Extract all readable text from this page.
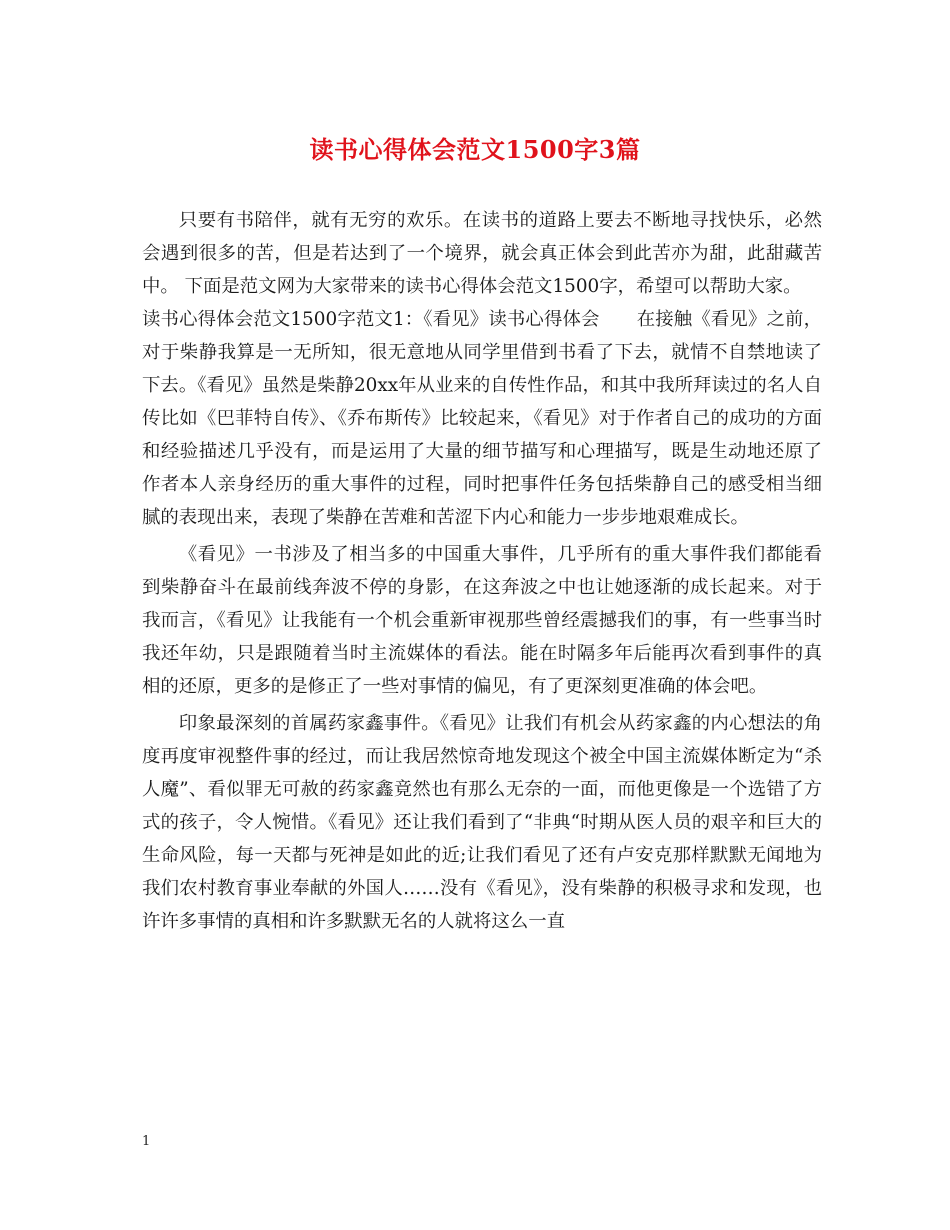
读书心得体会范文1500字3篇

只要有书陪伴，就有无穷的欢乐。在读书的道路上要去不断地寻找快乐，必然会遇到很多的苦，但是若达到了一个境界，就会真正体会到此苦亦为甜，此甜藏苦中。 下面是范文网为大家带来的读书心得体会范文1500字，希望可以帮助大家。

读书心得体会范文1500字范文1：《看见》读书心得体会　　在接触《看见》之前，对于柴静我算是一无所知，很无意地从同学里借到书看了下去，就情不自禁地读了下去。《看见》虽然是柴静20xx年从业来的自传性作品，和其中我所拜读过的名人自传比如《巴菲特自传》、《乔布斯传》比较起来，《看见》对于作者自己的成功的方面和经验描述几乎没有，而是运用了大量的细节描写和心理描写，既是生动地还原了作者本人亲身经历的重大事件的过程，同时把事件任务包括柴静自己的感受相当细腻的表现出来，表现了柴静在苦难和苦涩下内心和能力一步步地艰难成长。

《看见》一书涉及了相当多的中国重大事件，几乎所有的重大事件我们都能看到柴静奋斗在最前线奔波不停的身影，在这奔波之中也让她逐渐的成长起来。对于我而言，《看见》让我能有一个机会重新审视那些曾经震撼我们的事，有一些事当时我还年幼，只是跟随着当时主流媒体的看法。能在时隔多年后能再次看到事件的真相的还原，更多的是修正了一些对事情的偏见，有了更深刻更准确的体会吧。

印象最深刻的首属药家鑫事件。《看见》让我们有机会从药家鑫的内心想法的角度再度审视整件事的经过，而让我居然惊奇地发现这个被全中国主流媒体断定为“杀人魔”、看似罪无可赦的药家鑫竟然也有那么无奈的一面，而他更像是一个选错了方式的孩子，令人惋惜。《看见》还让我们看到了“非典“时期从医人员的艰辛和巨大的生命风险，每一天都与死神是如此的近;让我们看见了还有卢安克那样默默无闻地为我们农村教育事业奉献的外国人……没有《看见》，没有柴静的积极寻求和发现，也许许多事情的真相和许多默默无名的人就将这么一直

1
